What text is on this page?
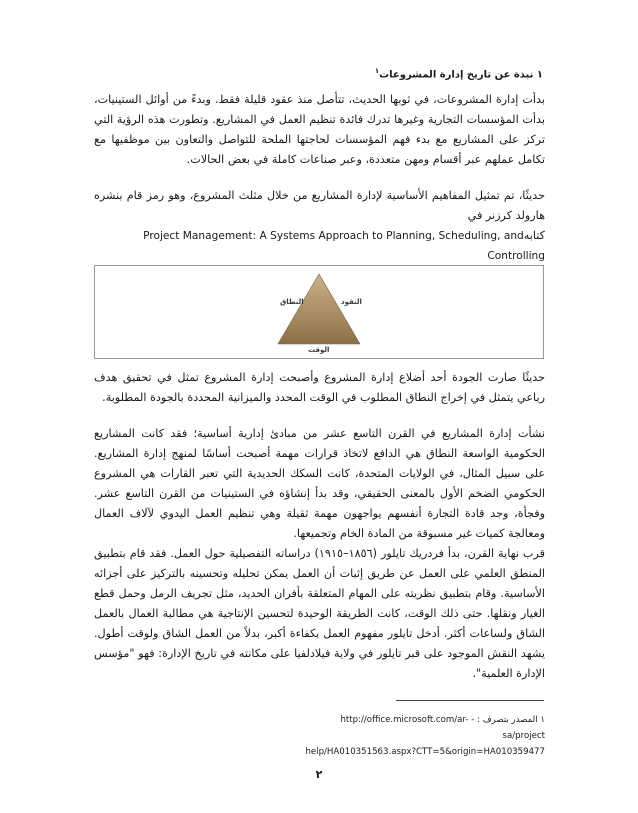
١ نبذة عن تاريخ إدارة المشروعات$^١$
بدأت إدارة المشروعات، في ثوبها الحديث، تتأصل منذ عقود قليلة فقط. وبدءً من أوائل الستينيات، بدأت المؤسسات التجارية وغيرها تدرك فائدة تنظيم العمل في المشاريع. وتطورت هذه الرؤية التي تركز على المشاريع مع بدء فهم المؤسسات لحاجتها الملحة للتواصل والتعاون بين موظفيها مع تكامل عملهم عبر أقسام ومهن متعددة، وعبر صناعات كاملة في بعض الحالات.
حديثًا، تم تمثيل المفاهيم الأساسية لإدارة المشاريع من خلال مثلث المشروع، وهو رمز قام بنشره هارولد كرزنر في
كتابهProject Management: A Systems Approach to Planning, Scheduling, and Controlling
النطاق	النقود
الوقت
حديثًا صارت الجودة أحد أضلاع إدارة المشروع وأصبحت إدارة المشروع تمثل في تحقيق هدف رباعي يتمثل في إخراج النطاق المطلوب في الوقت المحدد والميزانية المحددة بالجودة المطلوبة.
نشأت إدارة المشاريع في القرن التاسع عشر من مبادئ إدارية أساسية؛ فقد كانت المشاريع الحكومية الواسعة النطاق هي الدافع لاتخاذ قرارات مهمة أصبحت أساسًا لمنهج إدارة المشاريع. على سبيل المثال، في الولايات المتحدة، كانت السكك الحديدية التي تعبر القارات هي المشروع الحكومي الضخم الأول بالمعنى الحقيقي، وقد بدأ إنشاؤه في الستينيات من القرن التاسع عشر. وفجأة، وجد قادة التجارة أنفسهم يواجهون مهمة ثقيلة وهي تنظيم العمل اليدوي لآلاف العمال ومعالجة كميات غير مسبوقة من المادة الخام وتجميعها.
قرب نهاية القرن، بدأ فردريك تايلور (١٨٥٦–١٩١٥) دراساته التفصيلية حول العمل. فقد قام بتطبيق المنطق العلمي على العمل عن طريق إثبات أن العمل يمكن تحليله وتحسينه بالتركيز على أجزائه الأساسية. وقام بتطبيق نظريته على المهام المتعلقة بأفران الحديد، مثل تجريف الرمل وحمل قطع الغيار ونقلها. حتى ذلك الوقت، كانت الطريقة الوحيدة لتحسين الإنتاجية هي مطالبة العمال بالعمل الشاق ولساعات أكثر. أدخل تايلور مفهوم العمل بكفاءة أكبر، بدلاً من العمل الشاق ولوقت أطول. يشهد النقش الموجود على قبر تايلور في ولاية فيلادلفيا على مكانته في تاريخ الإدارة: فهو "مؤسس الإدارة العلمية".
١ المصدر بتصرف : - http://office.microsoft.com/ar-sa/project
help/HA010351563.aspx?CTT=5&origin=HA010359477
٢
